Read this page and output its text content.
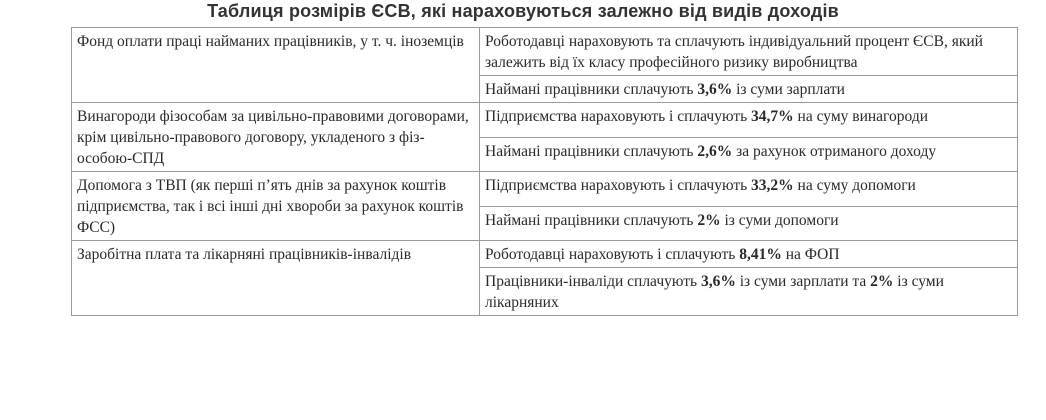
Таблиця розмірів ЄСВ, які нараховуються залежно від видів доходів
Фонд оплати праці найманих працівників, у т. ч. іноземців	Роботодавці нараховують та сплачують індивідуальний процент ЄСВ, який залежить від їх класу професійного ризику виробництва
	Наймані працівники сплачують 3,6% із суми зарплати
Винагороди фізособам за цивільно-правовими договорами, крім цивільно-правового договору, укладеного з фіз-особою-СПД	Підприємства нараховують і сплачують 34,7% на суму винагороди
	Наймані працівники сплачують 2,6% за рахунок отриманого доходу
Допомога з ТВП (як перші п’ять днів за рахунок коштів підприємства, так і всі інші дні хвороби за рахунок коштів ФСС)	Підприємства нараховують і сплачують 33,2% на суму допомоги
	Наймані працівники сплачують 2% із суми допомоги
Заробітна плата та лікарняні працівників-інвалідів	Роботодавці нараховують і сплачують 8,41% на ФОП
	Працівники-інваліди сплачують 3,6% із суми зарплати та 2% із суми лікарняних
